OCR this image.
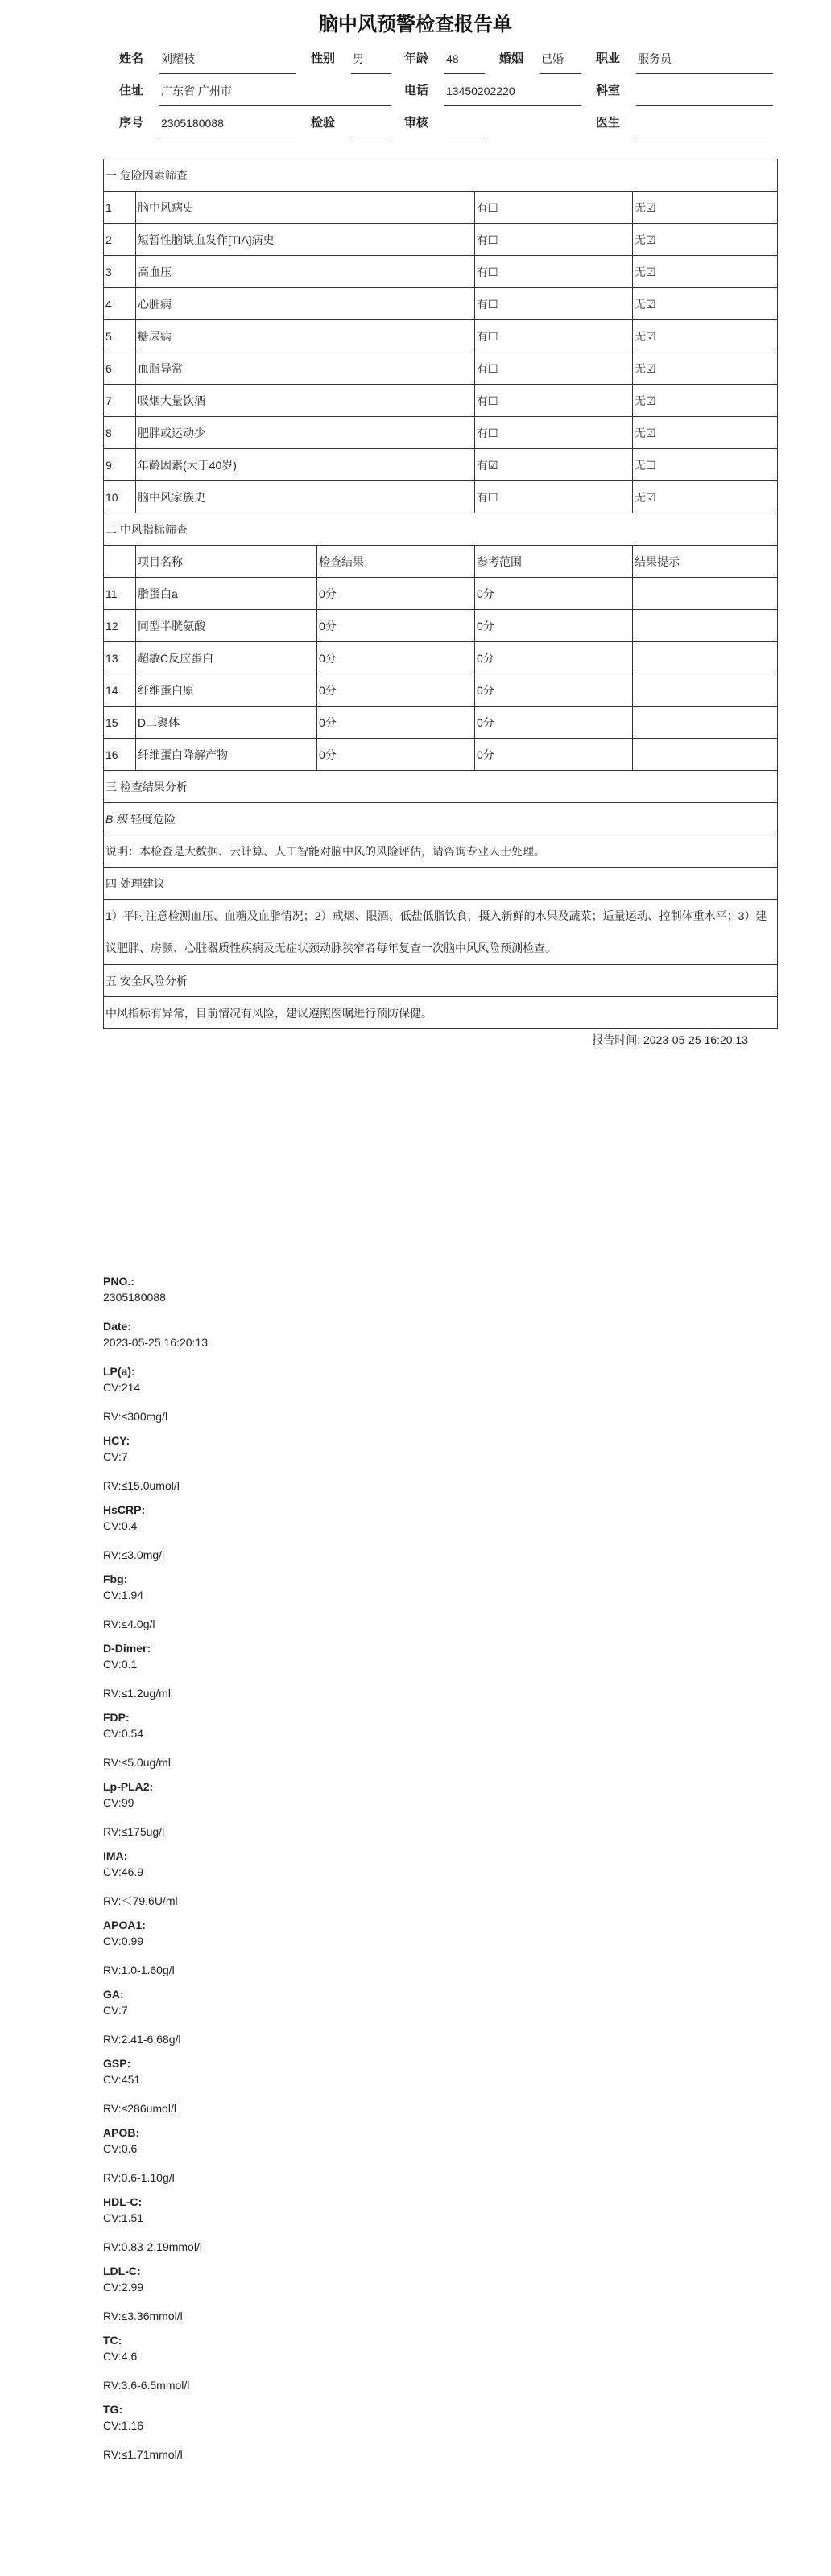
脑中风预警检查报告单
姓名	刘耀枝	性别	男	年龄	48	婚姻	已婚	职业	服务员
住址	广东省 广州市	电话	13450202220	科室
序号	2305180088	检验	审核	医生
一 危险因素筛查				
1	脑中风病史		有☐	无☑
2	短暂性脑缺血发作[TIA]病史		有☐	无☑
3	高血压		有☐	无☑
4	心脏病		有☐	无☑
5	糖尿病		有☐	无☑
6	血脂异常		有☐	无☑
7	吸烟大量饮酒		有☐	无☑
8	肥胖或运动少		有☐	无☑
9	年龄因素(大于40岁)		有☑	无☐
10	脑中风家族史		有☐	无☑
二 中风指标筛查				
	项目名称	检查结果	参考范围	结果提示
11	脂蛋白a	0分	0分	
12	同型半胱氨酸	0分	0分	
13	超敏C反应蛋白	0分	0分	
14	纤维蛋白原	0分	0分	
15	D二聚体	0分	0分	
16	纤维蛋白降解产物	0分	0分	
三 检查结果分析				
B 级 轻度危险				
说明：本检查是大数据、云计算、人工智能对脑中风的风险评估，请咨询专业人士处理。				
四 处理建议				
1）平时注意检测血压、血糖及血脂情况；2）戒烟、限酒、低盐低脂饮食，摄入新鲜的水果及蔬菜；适量运动、控制体重水平；3）建议肥胖、房颤、心脏器质性疾病及无症状颈动脉狭窄者每年复查一次脑中风风险预测检查。				
五 安全风险分析				
中风指标有异常，目前情况有风险，建议遵照医嘱进行预防保健。				
报告时间: 2023-05-25 16:20:13
PNO.:
2305180088
Date:
2023-05-25 16:20:13
LP(a):
CV:214
RV:≤300mg/l
HCY:
CV:7
RV:≤15.0umol/l
HsCRP:
CV:0.4
RV:≤3.0mg/l
Fbg:
CV:1.94
RV:≤4.0g/l
D-Dimer:
CV:0.1
RV:≤1.2ug/ml
FDP:
CV:0.54
RV:≤5.0ug/ml
Lp-PLA2:
CV:99
RV:≤175ug/l
IMA:
CV:46.9
RV:＜79.6U/ml
APOA1:
CV:0.99
RV:1.0-1.60g/l
GA:
CV:7
RV:2.41-6.68g/l
GSP:
CV:451
RV:≤286umol/l
APOB:
CV:0.6
RV:0.6-1.10g/l
HDL-C:
CV:1.51
RV:0.83-2.19mmol/l
LDL-C:
CV:2.99
RV:≤3.36mmol/l
TC:
CV:4.6
RV:3.6-6.5mmol/l
TG:
CV:1.16
RV:≤1.71mmol/l
